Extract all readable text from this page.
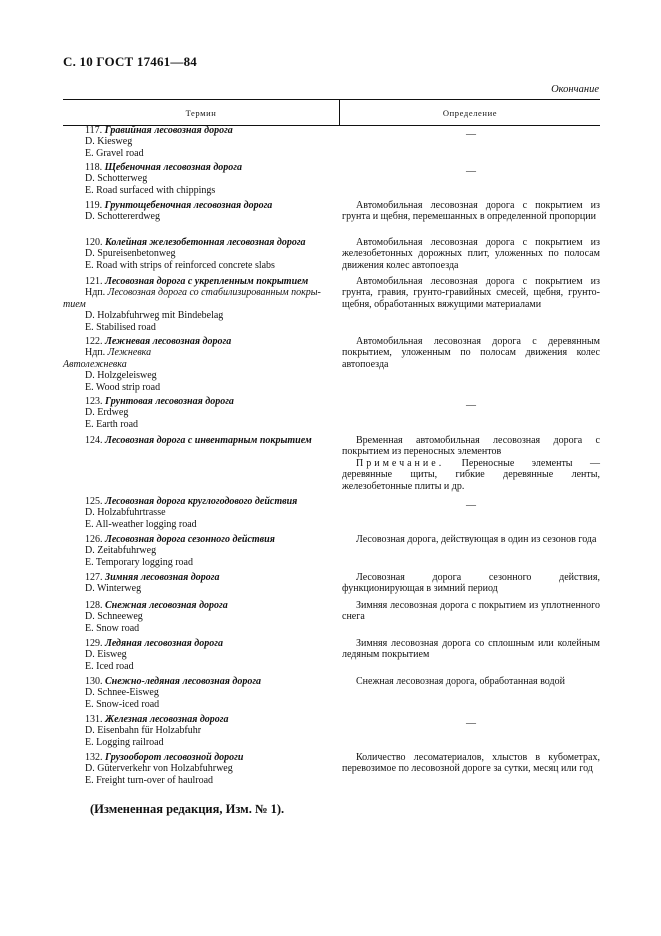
С. 10 ГОСТ 17461—84
Окончание
Термин	Определение
117. Гравийная лесовозная дорога
D. Kiesweg
E. Gravel road

—

118. Щебеночная лесовозная дорога
D. Schotterweg
E. Road surfaced with chippings

—

119. Грунтощебеночная лесовозная дорога
D. Schottererdweg

Автомобильная лесовозная дорога с покрытием из грунта и щебня, перемешанных в определенной пропорции

120. Колейная железобетонная лесовозная дорога
D. Spureisenbetonweg
E. Road with strips of reinforced concrete slabs

Автомобильная лесовозная дорога с покрытием из железобетонных дорожных плит, уложенных по полосам движения колес автопоезда

121. Лесовозная дорога с укрепленным покрытием
Ндп. Лесовозная дорога со стабилизированным покры-
тием
D. Holzabfuhrweg mit Bindebelag
E. Stabilised road

Автомобильная лесовозная дорога с покрытием из грунта, гравия, грунто-гравийных смесей, щебня, грунто-щебня, обработанных вяжущими материалами

122. Лежневая лесовозная дорога
Ндп. Лежневка
Автолежневка
D. Holzgeleisweg
E. Wood strip road

Автомобильная лесовозная дорога с деревянным покрытием, уложенным по полосам движения колес автопоезда

123. Грунтовая лесовозная дорога
D. Erdweg
E. Earth road

—

124. Лесовозная дорога с инвентарным покрытием	Временная автомобильная лесовозная дорога с покрытием из переносных элементов

Примечание. Переносные элементы — деревянные щиты, гибкие деревянные ленты, железобетонные плиты и др.

125. Лесовозная дорога круглогодового действия
D. Holzabfuhrtrasse
E. All-weather logging road

—

126. Лесовозная дорога сезонного действия
D. Zeitabfuhrweg
E. Temporary logging road

Лесовозная дорога, действующая в один из сезонов года

127. Зимняя лесовозная дорога
D. Winterweg

Лесовозная дорога сезонного действия, функционирующая в зимний период

128. Снежная лесовозная дорога
D. Schneeweg
E. Snow road

Зимняя лесовозная дорога с покрытием из уплотненного снега

129. Ледяная лесовозная дорога
D. Eisweg
E. Iced road

Зимняя лесовозная дорога со сплошным или колейным ледяным покрытием

130. Снежно-ледяная лесовозная дорога
D. Schnee-Eisweg
E. Snow-iced road

Снежная лесовозная дорога, обработанная водой

131. Железная лесовозная дорога
D. Eisenbahn für Holzabfuhr
E. Logging railroad

—

132. Грузооборот лесовозной дороги
D. Güterverkehr von Holzabfuhrweg
E. Freight turn-over of haulroad

Количество лесоматериалов, хлыстов в кубометрах, перевозимое по лесовозной дороге за сутки, месяц или год

(Измененная редакция, Изм. № 1).
